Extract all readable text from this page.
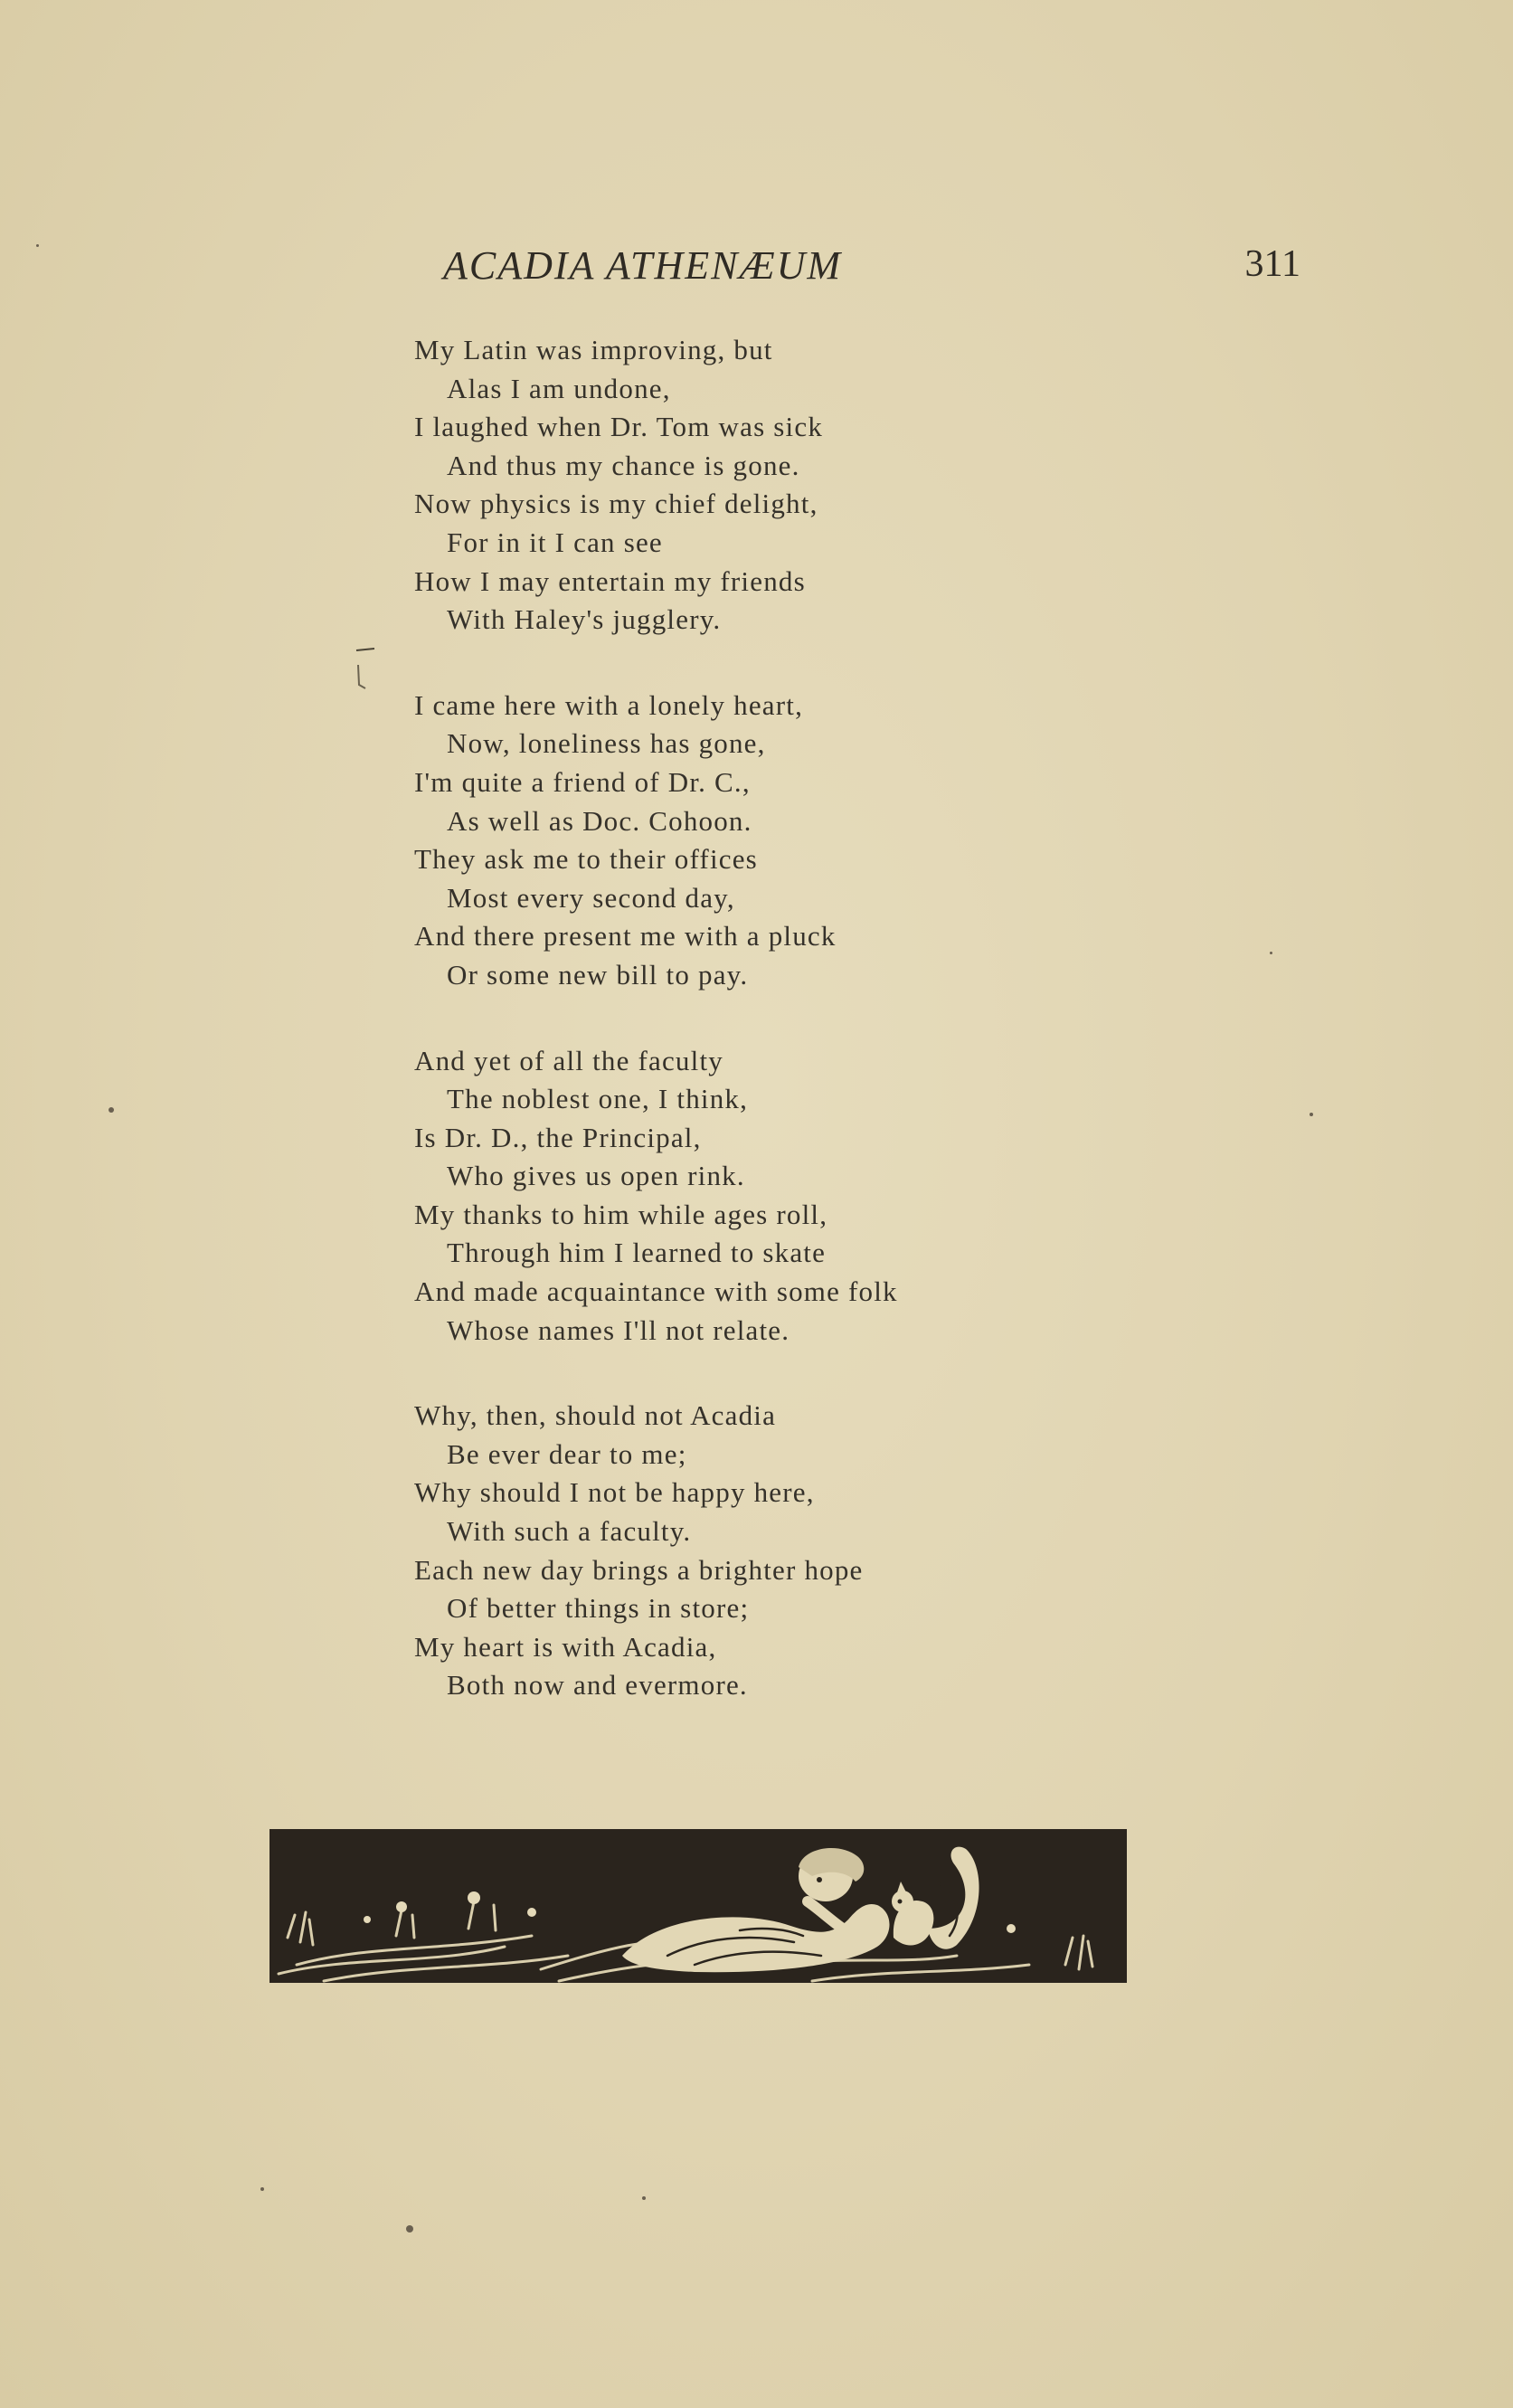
ACADIA ATHENÆUM	311
My Latin was improving, but
Alas I am undone,
I laughed when Dr. Tom was sick
And thus my chance is gone.
Now physics is my chief delight,
For in it I can see
How I may entertain my friends
With Haley's jugglery.
I came here with a lonely heart,
Now, loneliness has gone,
I'm quite a friend of Dr. C.,
As well as Doc. Cohoon.
They ask me to their offices
Most every second day,
And there present me with a pluck
Or some new bill to pay.
And yet of all the faculty
The noblest one, I think,
Is Dr. D., the Principal,
Who gives us open rink.
My thanks to him while ages roll,
Through him I learned to skate
And made acquaintance with some folk
Whose names I'll not relate.
Why, then, should not Acadia
Be ever dear to me;
Why should I not be happy here,
With such a faculty.
Each new day brings a brighter hope
Of better things in store;
My heart is with Acadia,
Both now and evermore.
